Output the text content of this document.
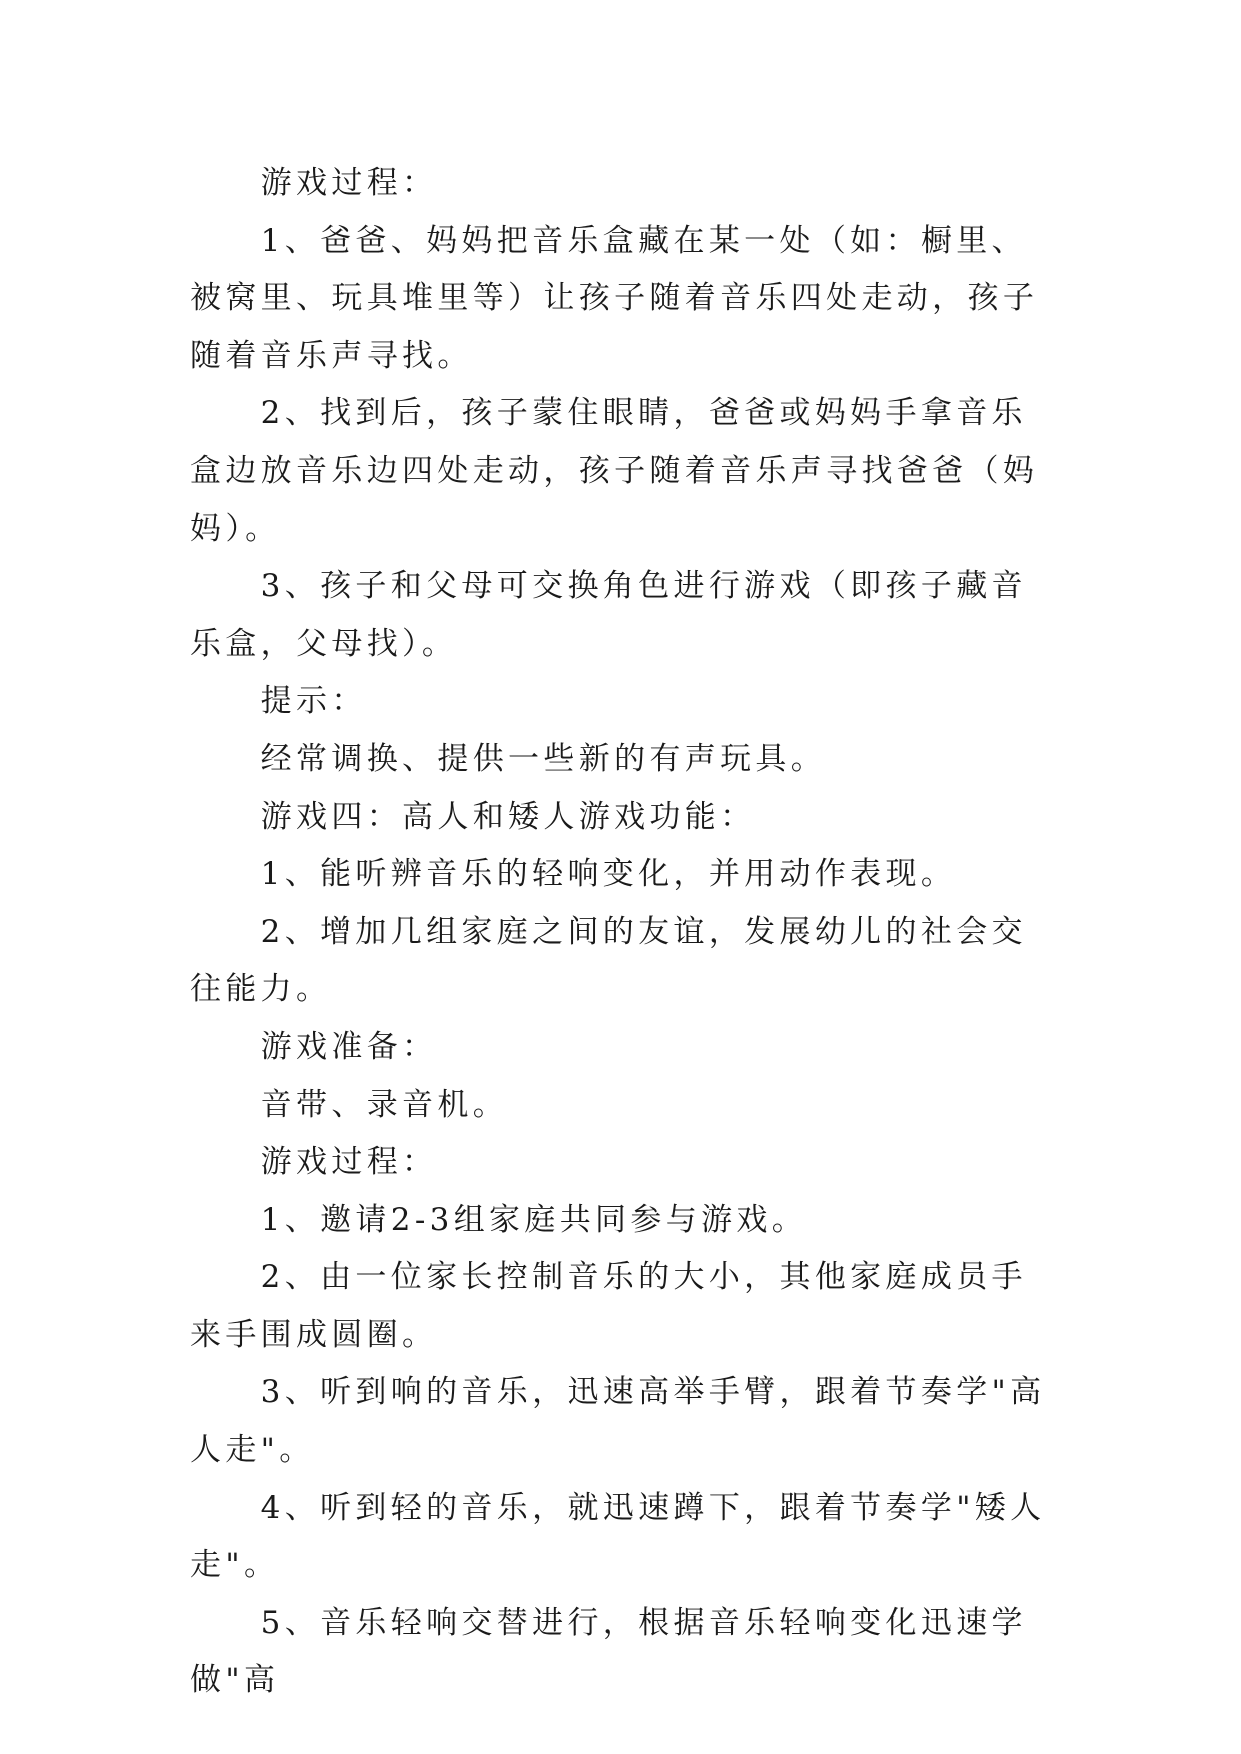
游戏过程：

1、爸爸、妈妈把音乐盒藏在某一处（如：橱里、被窝里、玩具堆里等）让孩子随着音乐四处走动，孩子随着音乐声寻找。

2、找到后，孩子蒙住眼睛，爸爸或妈妈手拿音乐盒边放音乐边四处走动，孩子随着音乐声寻找爸爸（妈妈）。

3、孩子和父母可交换角色进行游戏（即孩子藏音乐盒，父母找）。

提示：

经常调换、提供一些新的有声玩具。

游戏四：高人和矮人游戏功能：

1、能听辨音乐的轻响变化，并用动作表现。

2、增加几组家庭之间的友谊，发展幼儿的社会交往能力。

游戏准备：

音带、录音机。

游戏过程：

1、邀请2-3组家庭共同参与游戏。

2、由一位家长控制音乐的大小，其他家庭成员手来手围成圆圈。

3、听到响的音乐，迅速高举手臂，跟着节奏学"高人走"。

4、听到轻的音乐，就迅速蹲下，跟着节奏学"矮人走"。

5、音乐轻响交替进行，根据音乐轻响变化迅速学做"高
